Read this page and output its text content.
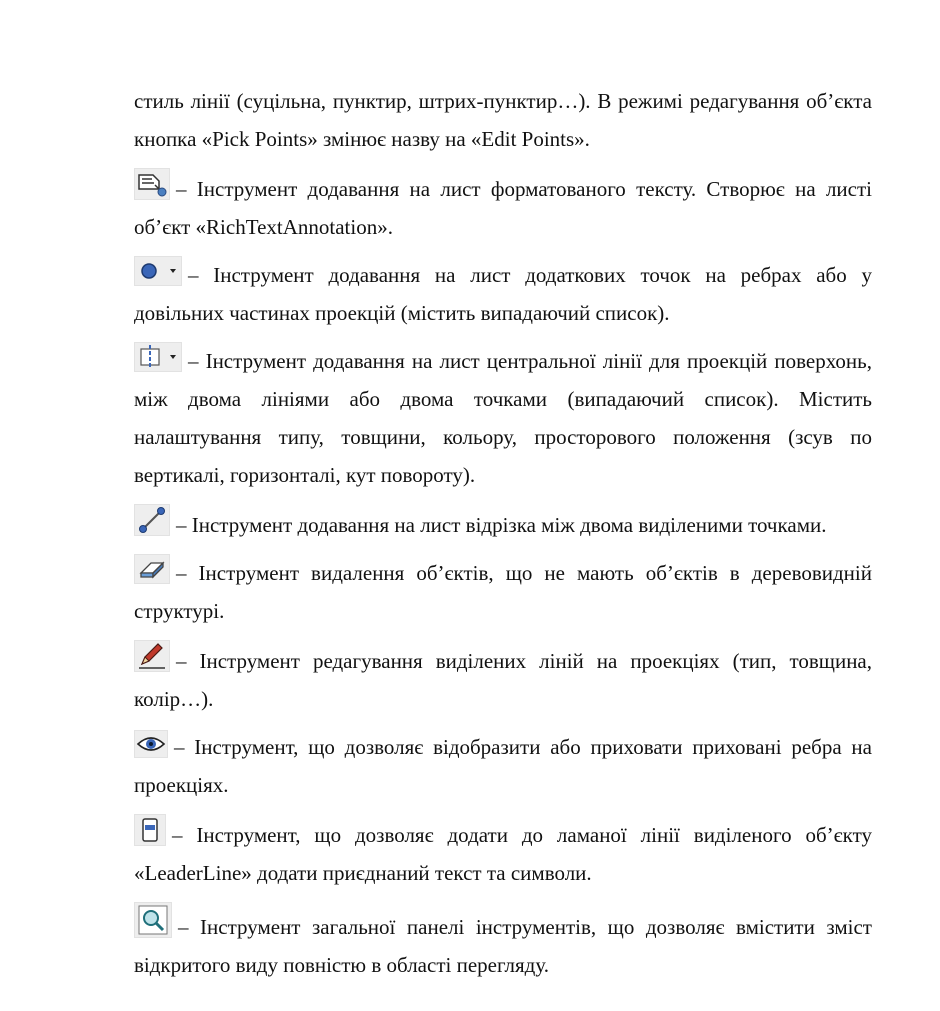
стиль лінії (суцільна, пунктир, штрих-пунктир…). В режимі редагування об’єкта кнопка «Pick Points» змінює назву на «Edit Points».

– Інструмент додавання на лист форматованого тексту. Створює на листі об’єкт «RichTextAnnotation».

– Інструмент додавання на лист додаткових точок на ребрах або у довільних частинах проекцій (містить випадаючий список).

– Інструмент додавання на лист центральної лінії для проекцій поверхонь, між двома лініями або двома точками (випадаючий список). Містить налаштування типу, товщини, кольору, просторового положення (зсув по вертикалі, горизонталі, кут повороту).

– Інструмент додавання на лист відрізка між двома виділеними точками.

– Інструмент видалення об’єктів, що не мають об’єктів в деревовидній структурі.

– Інструмент редагування виділених ліній на проекціях (тип, товщина, колір…).

– Інструмент, що дозволяє відобразити або приховати приховані ребра на проекціях.

– Інструмент, що дозволяє додати до ламаної лінії виділеного об’єкту «LeaderLine» додати приєднаний текст та символи.

– Інструмент загальної панелі інструментів, що дозволяє вмістити зміст відкритого виду повністю в області перегляду.
